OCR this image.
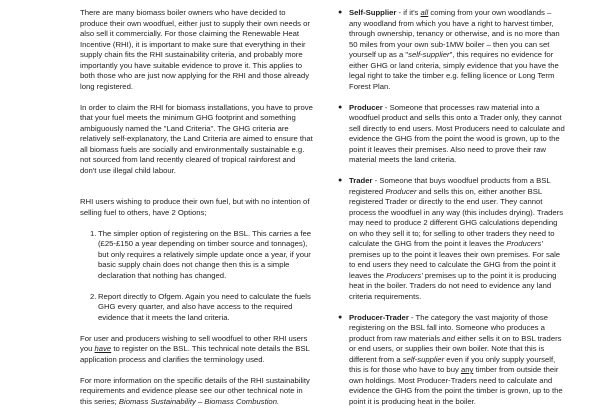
There are many biomass boiler owners who have decided to produce their own woodfuel, either just to supply their own needs or also sell it commercially. For those claiming the Renewable Heat Incentive (RHI), it is important to make sure that everything in their supply chain fits the RHI sustainability criteria, and probably more importantly you have suitable evidence to prove it. This applies to both those who are just now applying for the RHI and those already long registered.

In order to claim the RHI for biomass installations, you have to prove that your fuel meets the minimum GHG footprint and something ambiguously named the "Land Criteria". The GHG criteria are relatively self-explanatory, the Land Criteria are aimed to ensure that all biomass fuels are socially and environmentally sustainable e.g. not sourced from land recently cleared of tropical rainforest and don't use illegal child labour.

RHI users wishing to produce their own fuel, but with no intention of selling fuel to others, have 2 Options;

1. The simpler option of registering on the BSL. This carries a fee (£25-£150 a year depending on timber source and tonnages), but only requires a relatively simple update once a year, if your basic supply chain does not change then this is a simple declaration that nothing has changed.
2. Report directly to Ofgem. Again you need to calculate the fuels GHG every quarter, and also have access to the required evidence that it meets the land criteria.

For user and producers wishing to sell woodfuel to other RHI users you have to register on the BSL. This technical note details the BSL application process and clarifies the terminology used.

For more information on the specific details of the RHI sustainability requirements and evidence please see our other technical note in this series; Biomass Sustainability – Biomass Combustion.

● Self-Supplier - if it's all coming from your own woodlands – any woodland from which you have a right to harvest timber, through ownership, tenancy or otherwise, and is no more than 50 miles from your own sub-1MW boiler – then you can set yourself up as a "self-supplier", this requires no evidence for either GHG or land criteria, simply evidence that you have the legal right to take the timber e.g. felling licence or Long Term Forest Plan.
● Producer - Someone that processes raw material into a woodfuel product and sells this onto a Trader only, they cannot sell directly to end users. Most Producers need to calculate and evidence the GHG from the point the wood is grown, up to the point it leaves their premises. Also need to prove their raw material meets the land criteria.
● Trader - Someone that buys woodfuel products from a BSL registered Producer and sells this on, either another BSL registered Trader or directly to the end user. They cannot process the woodfuel in any way (this includes drying). Traders may need to produce 2 different GHG calculations depending on who they sell it to; for selling to other traders they need to calculate the GHG from the point it leaves the Producers' premises up to the point it leaves their own premises. For sale to end users they need to calculate the GHG from the point it leaves the Producers' premises up to the point it is producing heat in the boiler. Traders do not need to evidence any land criteria requirements.
● Producer-Trader - The category the vast majority of those registering on the BSL fall into. Someone who produces a product from raw materials and either sells it on to BSL traders or end users, or supplies their own boiler. Note that this is different from a self-supplier even if you only supply yourself, this is for those who have to buy any timber from outside their own holdings. Most Producer-Traders need to calculate and evidence the GHG from the point the timber is grown, up to the point it is producing heat in the boiler.
